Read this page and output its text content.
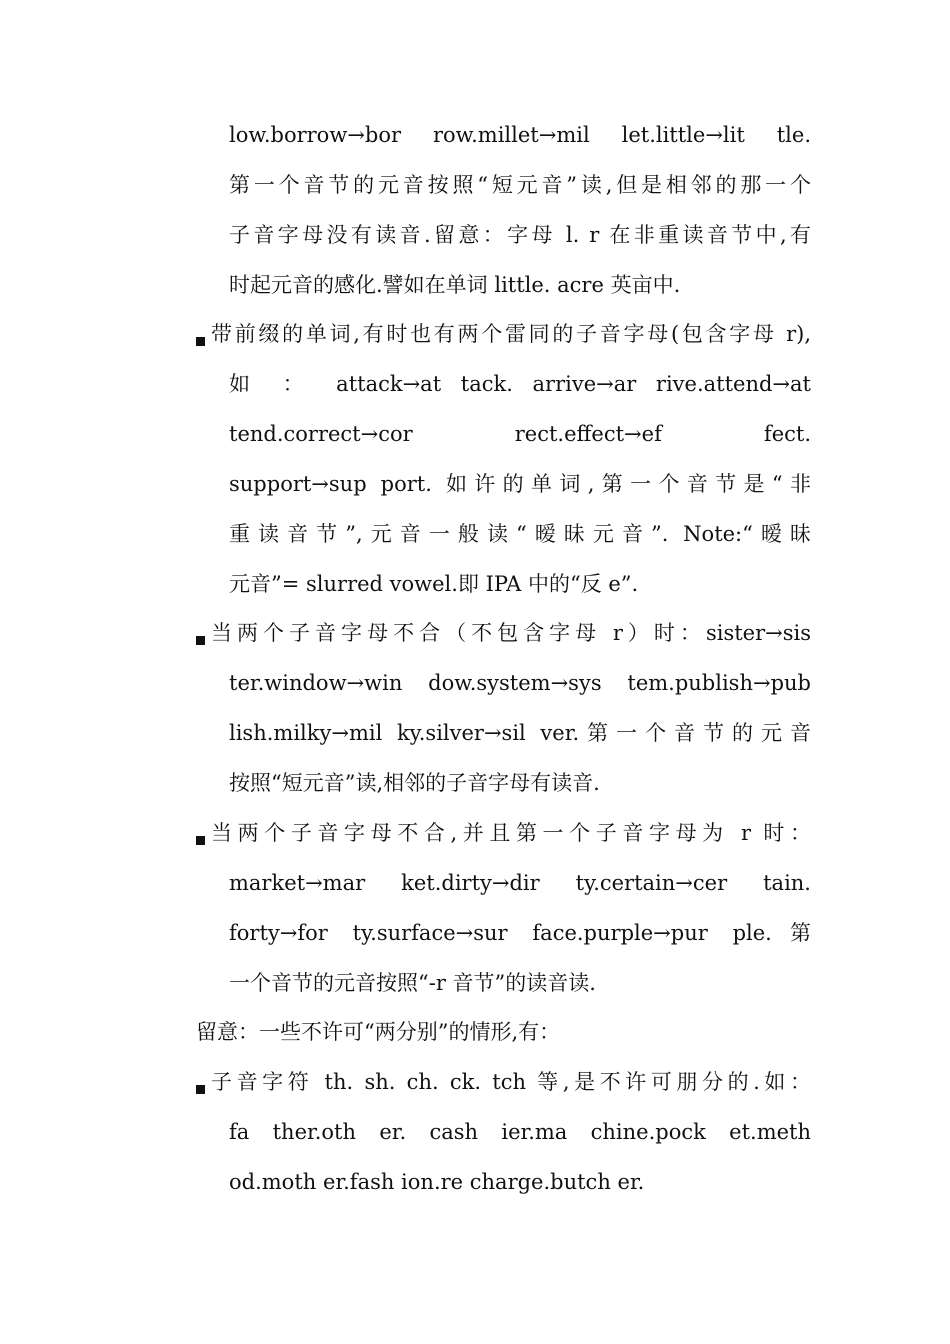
low.borrow→bor row.millet→mil let.little→lit tle.
第一个音节的元音按照“短元音”读,但是相邻的那一个
子音字母没有读音.留意：字母 l. r 在非重读音节中,有
时起元音的感化.譬如在单词 little. acre 英亩中.
带前缀的单词,有时也有两个雷同的子音字母(包含字母 r),
如 ： attack→at tack. arrive→ar rive.attend→at
tend.correct→cor rect.effect→ef fect.
support→sup port. 如许的单词,第一个音节是“非
重读音节”,元音一般读“暧昧元音”. Note:“暧昧
元音”= slurred vowel.即 IPA 中的“反 e”.
当两个子音字母不合（不包含字母 r）时：sister→sis
ter.window→win dow.system→sys tem.publish→pub
lish.milky→mil ky.silver→sil ver.第一个音节的元音
按照“短元音”读,相邻的子音字母有读音.
当两个子音字母不合,并且第一个子音字母为 r 时：
market→mar ket.dirty→dir ty.certain→cer tain.
forty→for ty.surface→sur face.purple→pur ple.第
一个音节的元音按照“-r 音节”的读音读.
留意：一些不许可“两分别”的情形,有：
子音字符 th. sh. ch. ck. tch 等,是不许可朋分的.如：
fa ther.oth er. cash ier.ma chine.pock et.meth
od.moth er.fash ion.re charge.butch er.
